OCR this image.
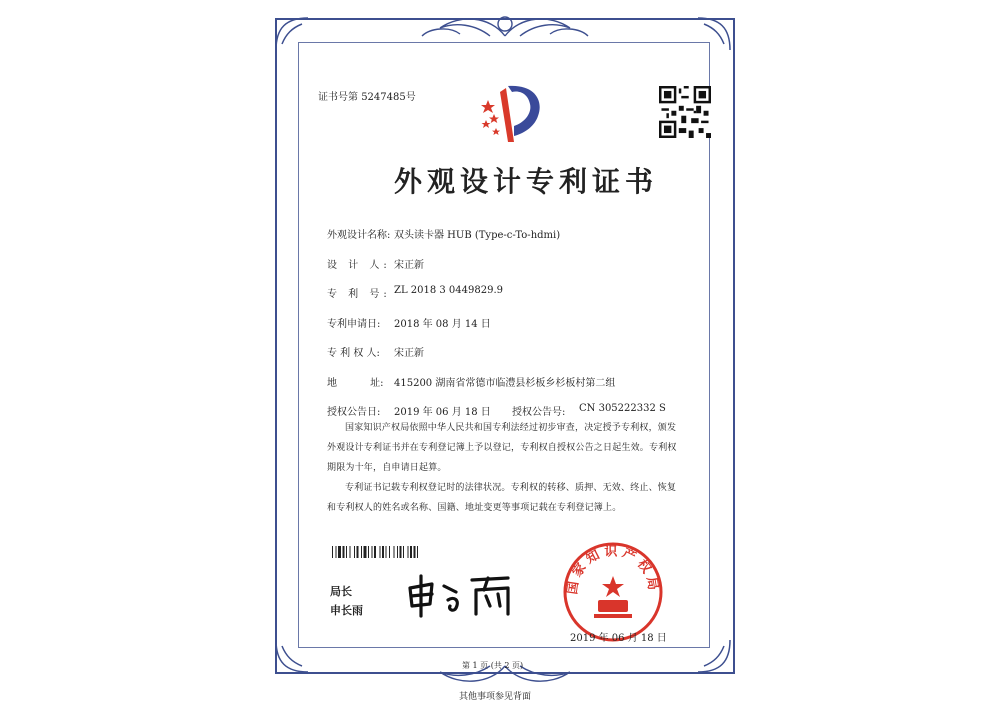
证书号第 5247485号
外观设计专利证书
外观设计名称: 双头读卡器 HUB (Type-c-To-hdmi)
设 计 人: 宋正新
专 利 号: ZL 2018 3 0449829.9
专利申请日: 2018 年 08 月 14 日
专 利 权 人: 宋正新
地 址: 415200 湖南省常德市临澧县杉板乡杉板村第二组
授权公告日: 2019 年 06 月 18 日 授权公告号: CN 305222332 S
国家知识产权局依照中华人民共和国专利法经过初步审查，决定授予专利权，颁发外观设计专利证书并在专利登记簿上予以登记，专利权自授权公告之日起生效。专利权期限为十年，自申请日起算。
专利证书记载专利权登记时的法律状况。专利权的转移、质押、无效、终止、恢复和专利权人的姓名或名称、国籍、地址变更等事项记载在专利登记簿上。
局长
申长雨
国家知识产权局
2019 年 06 月 18 日
第 1 页 (共 2 页)
其他事项参见背面
